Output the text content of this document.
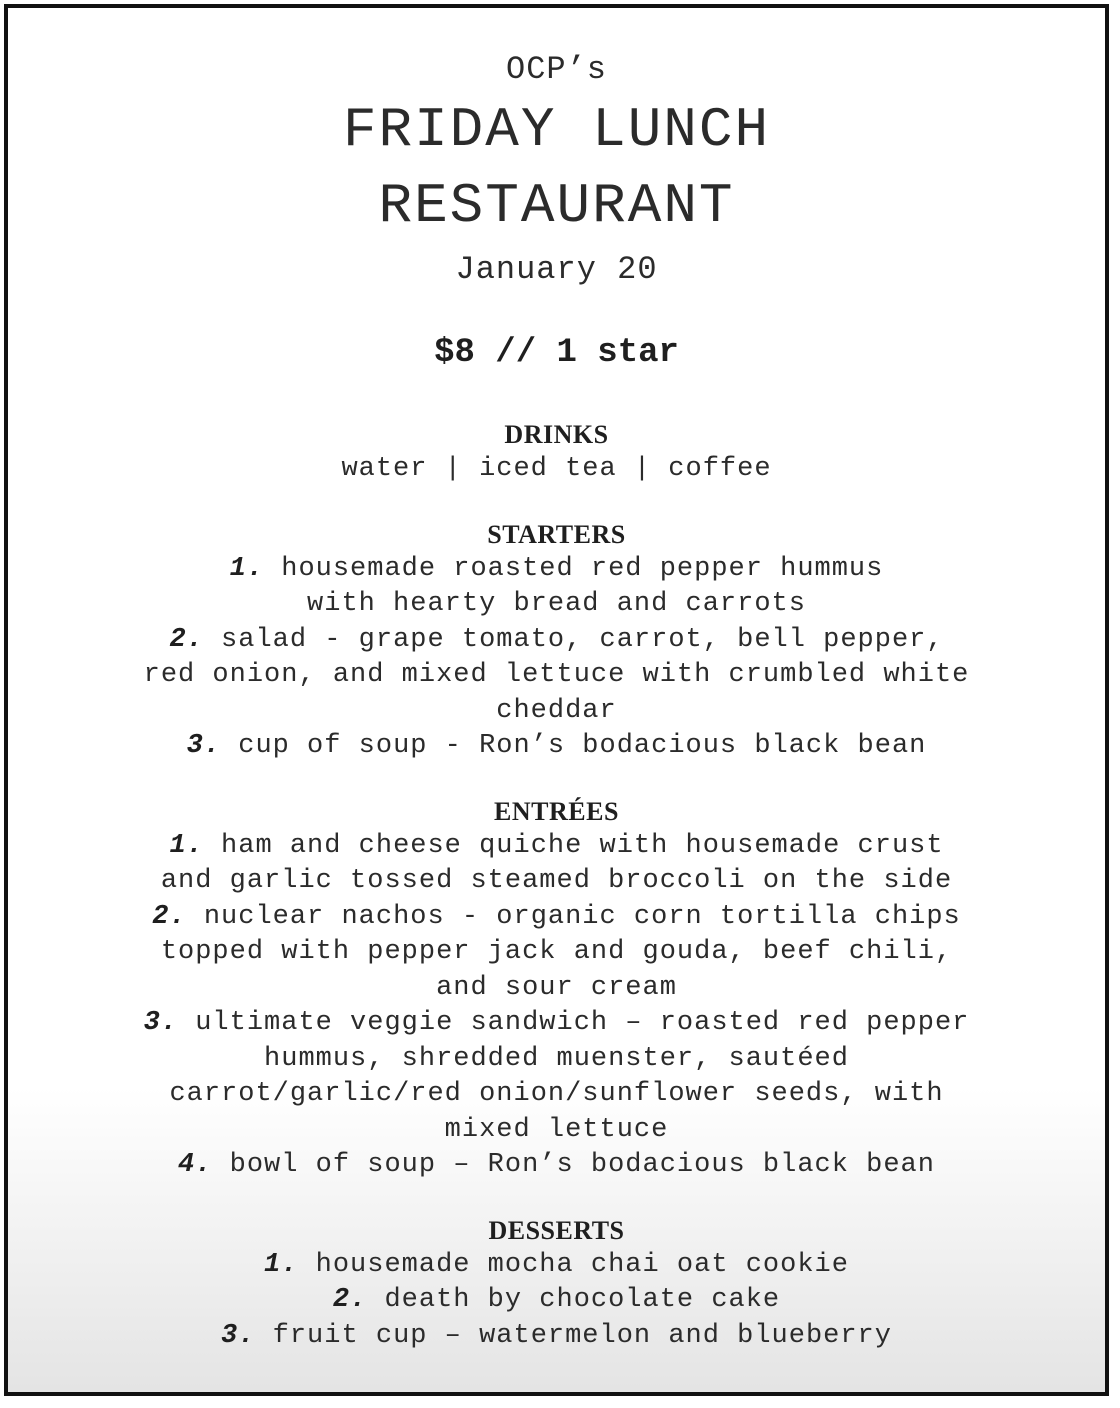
OCP’s
FRIDAY LUNCH
RESTAURANT
January 20
$8 // 1 star
DRINKS
water | iced tea | coffee
STARTERS
1. housemade roasted red pepper hummus
with hearty bread and carrots
2. salad - grape tomato, carrot, bell pepper,
red onion, and mixed lettuce with crumbled white
cheddar
3. cup of soup - Ron’s bodacious black bean
ENTRÉES
1. ham and cheese quiche with housemade crust
and garlic tossed steamed broccoli on the side
2. nuclear nachos - organic corn tortilla chips
topped with pepper jack and gouda, beef chili,
and sour cream
3. ultimate veggie sandwich – roasted red pepper
hummus, shredded muenster, sautéed
carrot/garlic/red onion/sunflower seeds, with
mixed lettuce
4. bowl of soup – Ron’s bodacious black bean
DESSERTS
1. housemade mocha chai oat cookie
2. death by chocolate cake
3. fruit cup – watermelon and blueberry
